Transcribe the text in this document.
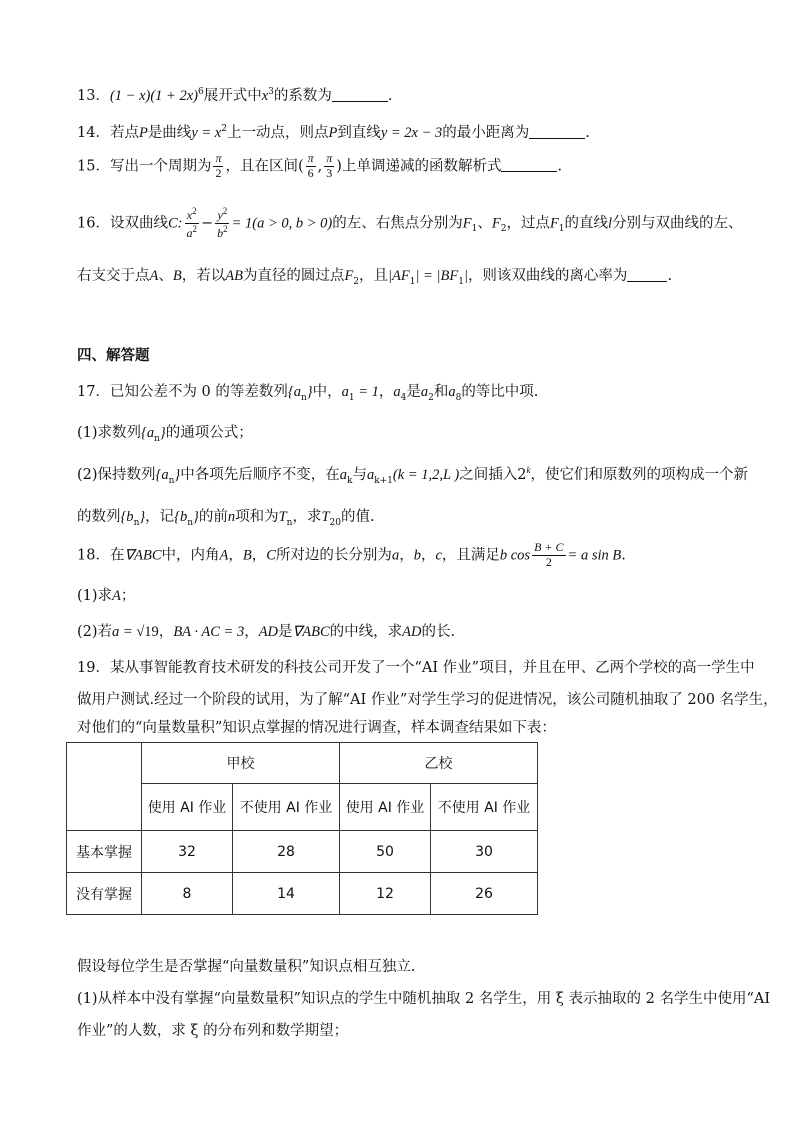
13．$(1 - x)(1 + 2x)^6$展开式中$x^3$的系数为	.
14．若点P是曲线$y = x^2$上一动点，则点P到直线y = 2x − 3的最小距离为	.
15．写出一个周期为 $\frac{\pi}{2}$ ，且在区间( $\frac{\pi}{6}$ , $\frac{\pi}{3}$ )上单调递减的函数解析式	.
16．设双曲线C: $\frac{x^2}{a^2} - \frac{y^2}{b^2} = 1(a > 0$, b > 0)的左、右焦点分别为$F_1$、$F_2$，过点$F_1$的直线l分别与双曲线的左、
右支交于点A、B，若以AB为直径的圆过点$F_2$，且$|AF_1| = |BF_1|$，则该双曲线的离心率为	.
四、解答题
17．已知公差不为 0 的等差数列$\{a_n\}$中，$a_1 = 1$，$a_4$是$a_2$和$a_8$的等比中项.
(1)求数列$\{a_n\}$的通项公式；
(2)保持数列$\{a_n\}$中各项先后顺序不变，在$a_k$与$a_{k+1}(k = 1,2,L$ )之间插入2$^k$，使它们和原数列的项构成一个新
的数列$\{b_n\}$，记$\{b_n\}$的前n项和为$T_n$，求$T_{20}$的值.
18．在∇ABC中，内角A，B，C所对边的长分别为a，b，c，且满足b $\cos \frac{B + C}{2} = a$ sin B.
(1)求A；
(2)若a = √19，BA · AC = 3，AD是∇ABC的中线，求AD的长.
19．某从事智能教育技术研发的科技公司开发了一个“AI 作业”项目，并且在甲、乙两个学校的高一学生中
做用户测试.经过一个阶段的试用，为了解“AI 作业”对学生学习的促进情况，该公司随机抽取了 200 名学生，
对他们的“向量数量积”知识点掌握的情况进行调查，样本调查结果如下表：
	甲校		乙校	
	使用 AI 作业	不使用 AI 作业	使用 AI 作业	不使用 AI 作业
基本掌握	32	28	50	30
没有掌握	8	14	12	26
假设每位学生是否掌握“向量数量积”知识点相互独立.
(1)从样本中没有掌握“向量数量积”知识点的学生中随机抽取 2 名学生，用 ξ 表示抽取的 2 名学生中使用“AI
作业”的人数，求 ξ 的分布列和数学期望；
